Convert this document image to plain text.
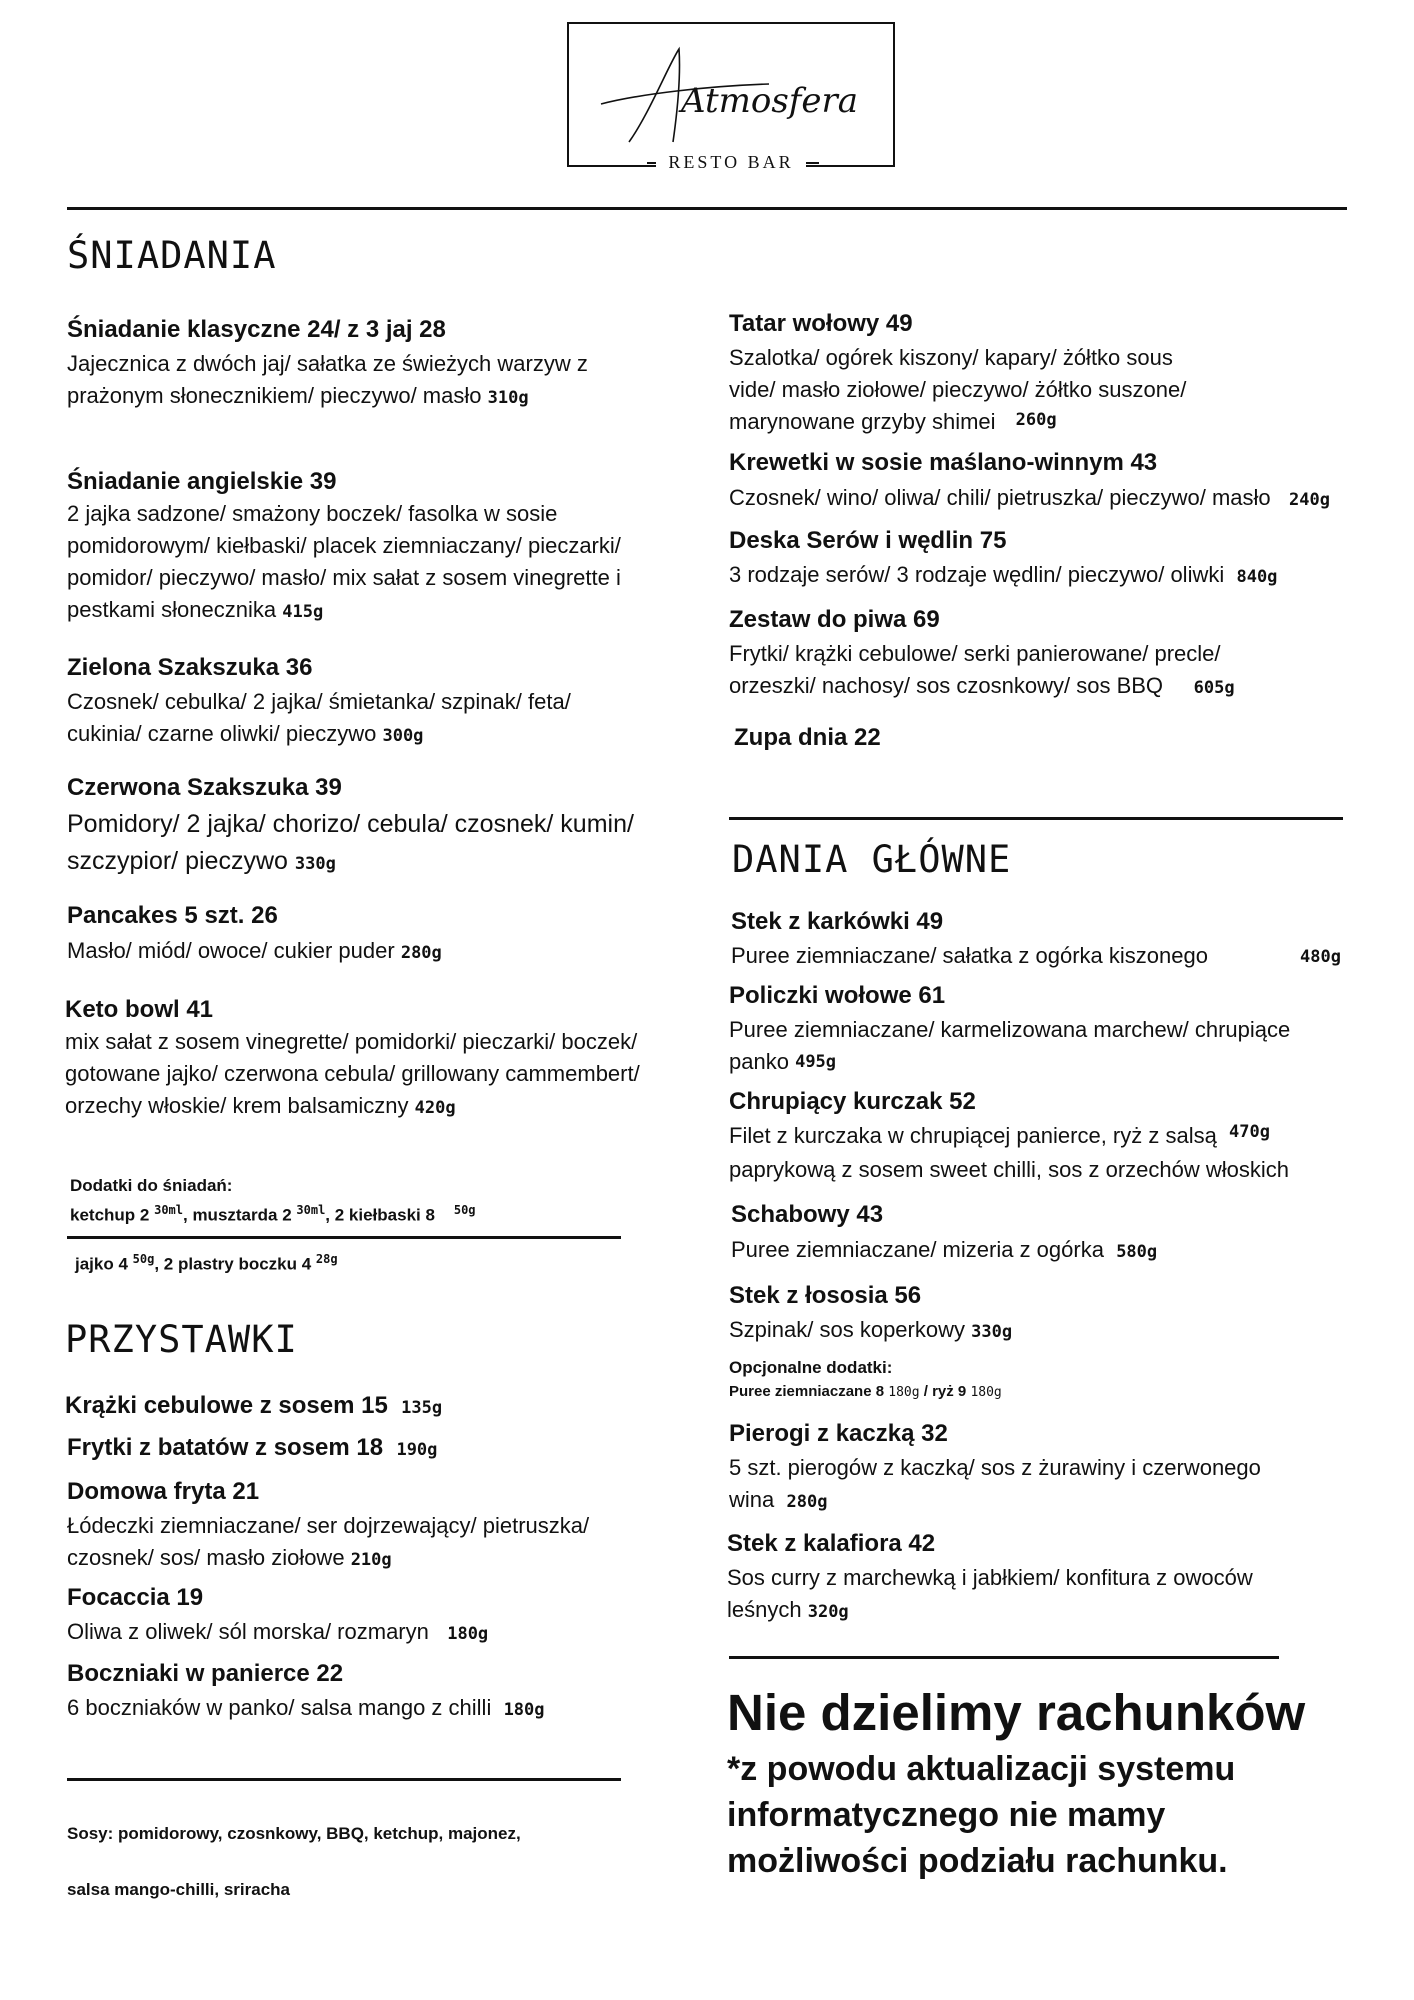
Atmosfera
RESTO BAR
ŚNIADANIA
Śniadanie klasyczne 24/ z 3 jaj 28
Jajecznica z dwóch jaj/ sałatka ze świeżych warzyw z prażonym słonecznikiem/ pieczywo/ masło 310g
Śniadanie angielskie 39
2 jajka sadzone/ smażony boczek/ fasolka w sosie pomidorowym/ kiełbaski/ placek ziemniaczany/ pieczarki/ pomidor/ pieczywo/ masło/ mix sałat z sosem vinegrette i pestkami słonecznika 415g
Zielona Szakszuka 36
Czosnek/ cebulka/ 2 jajka/ śmietanka/ szpinak/ feta/ cukinia/ czarne oliwki/ pieczywo 300g
Czerwona Szakszuka 39
Pomidory/ 2 jajka/ chorizo/ cebula/ czosnek/ kumin/ szczypior/ pieczywo 330g
Pancakes 5 szt. 26
Masło/ miód/ owoce/ cukier puder 280g
Keto bowl 41
mix sałat z sosem vinegrette/ pomidorki/ pieczarki/ boczek/ gotowane jajko/ czerwona cebula/ grillowany cammembert/ orzechy włoskie/ krem balsamiczny 420g
Dodatki do śniadań:
ketchup 2 $^{30ml}$, musztarda 2 $^{30ml}$, 2 kiełbaski 8 $^{50g}$
jajko 4 $^{50g}$, 2 plastry boczku 4 $^{28g}$
PRZYSTAWKI
Krążki cebulowe z sosem 15 135g
Frytki z batatów z sosem 18 190g
Domowa fryta 21
Łódeczki ziemniaczane/ ser dojrzewający/ pietruszka/ czosnek/ sos/ masło ziołowe 210g
Focaccia 19
Oliwa z oliwek/ sól morska/ rozmaryn 180g
Boczniaki w panierce 22
6 boczniaków w panko/ salsa mango z chilli 180g
Sosy: pomidorowy, czosnkowy, BBQ, ketchup, majonez,
salsa mango-chilli, sriracha
Tatar wołowy 49
Szalotka/ ogórek kiszony/ kapary/ żółtko sous
vide/ masło ziołowe/ pieczywo/ żółtko suszone/
marynowane grzyby shimei 260g
Krewetki w sosie maślano-winnym 43
Czosnek/ wino/ oliwa/ chili/ pietruszka/ pieczywo/ masło 240g
Deska Serów i wędlin 75
3 rodzaje serów/ 3 rodzaje wędlin/ pieczywo/ oliwki 840g
Zestaw do piwa 69
Frytki/ krążki cebulowe/ serki panierowane/ precle/
orzeszki/ nachosy/ sos czosnkowy/ sos BBQ 605g
Zupa dnia 22
DANIA GŁÓWNE
Stek z karkówki 49
Puree ziemniaczane/ sałatka z ogórka kiszonego	480g
Policzki wołowe 61
Puree ziemniaczane/ karmelizowana marchew/ chrupiące
panko 495g
Chrupiący kurczak 52
Filet z kurczaka w chrupiącej panierce, ryż z salsą $^{470g}$
paprykową z sosem sweet chilli, sos z orzechów włoskich
Schabowy 43
Puree ziemniaczane/ mizeria z ogórka 580g
Stek z łososia 56
Szpinak/ sos koperkowy 330g
Opcjonalne dodatki:
Puree ziemniaczane 8 180g / ryż 9 180g
Pierogi z kaczką 32
5 szt. pierogów z kaczką/ sos z żurawiny i czerwonego
wina 280g
Stek z kalafiora 42
Sos curry z marchewką i jabłkiem/ konfitura z owoców
leśnych 320g
Nie dzielimy rachunków
*z powodu aktualizacji systemu
informatycznego nie mamy
możliwości podziału rachunku.
